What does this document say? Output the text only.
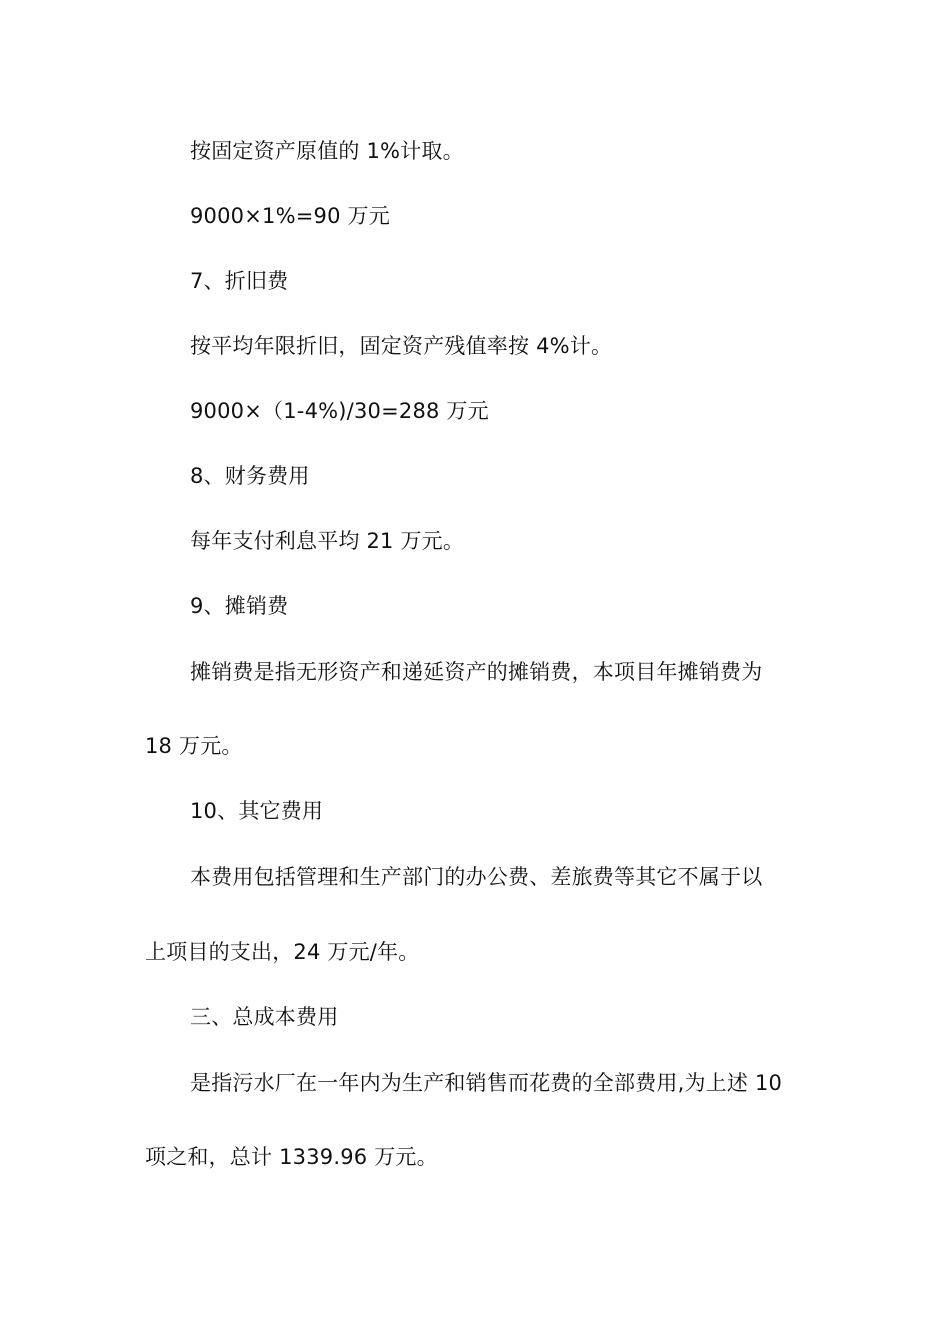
按固定资产原值的 1%计取。

9000×1%=90 万元

7、折旧费

按平均年限折旧，固定资产残值率按 4%计。

9000×（1-4%)/30=288 万元

8、财务费用

每年支付利息平均 21 万元。

9、摊销费

摊销费是指无形资产和递延资产的摊销费，本项目年摊销费为

18 万元。

10、其它费用

本费用包括管理和生产部门的办公费、差旅费等其它不属于以

上项目的支出，24 万元/年。

三、总成本费用

是指污水厂在一年内为生产和销售而花费的全部费用,为上述 10

项之和，总计 1339.96 万元。
